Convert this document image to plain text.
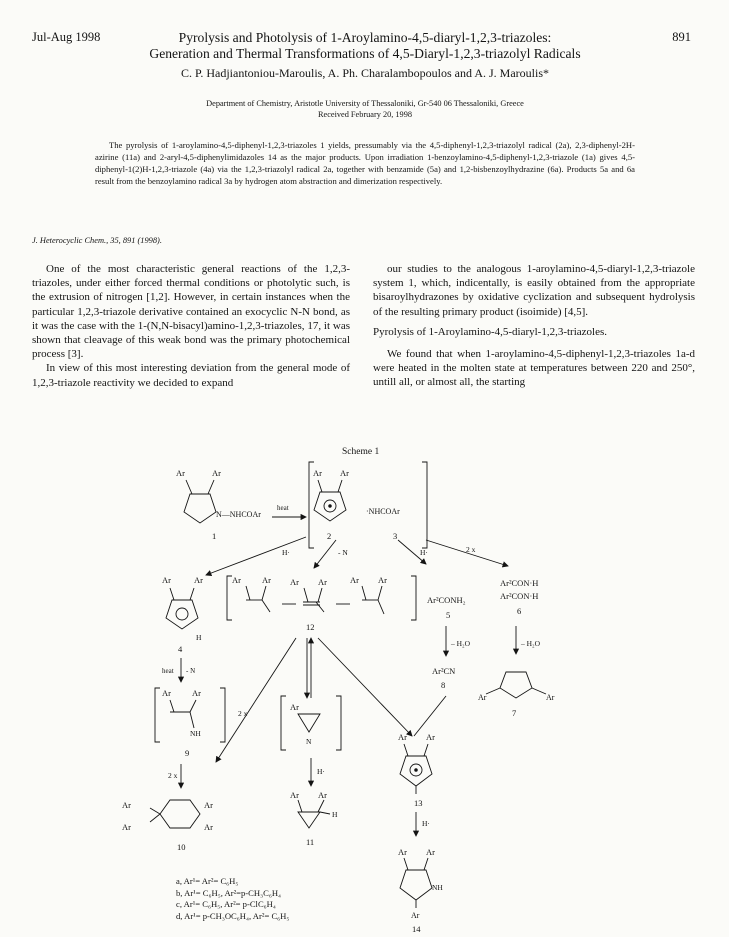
Jul-Aug 1998	891
Pyrolysis and Photolysis of 1-Aroylamino-4,5-diaryl-1,2,3-triazoles:
Generation and Thermal Transformations of 4,5-Diaryl-1,2,3-triazolyl Radicals
C. P. Hadjiantoniou-Maroulis, A. Ph. Charalambopoulos and A. J. Maroulis*
Department of Chemistry, Aristotle University of Thessaloniki, Gr-540 06 Thessaloniki, Greece
Received February 20, 1998
The pyrolysis of 1-aroylamino-4,5-diphenyl-1,2,3-triazoles 1 yields, pressumably via the 4,5-diphenyl-1,2,3-triazolyl radical (2a), 2,3-diphenyl-2H-azirine (11a) and 2-aryl-4,5-diphenylimidazoles 14 as the major products. Upon irradiation 1-benzoylamino-4,5-diphenyl-1,2,3-triazole (1a) gives 4,5-diphenyl-1(2)H-1,2,3-triazole (4a) via the 1,2,3-triazolyl radical 2a, together with benzamide (5a) and 1,2-bisbenzoylhydrazine (6a). Products 5a and 6a result from the benzoylamino radical 3a by hydrogen atom abstraction and dimerization respectively.
J. Heterocyclic Chem., 35, 891 (1998).

One of the most characteristic general reactions of the 1,2,3-triazoles, under either forced thermal conditions or photolytic such, is the extrusion of nitrogen [1,2]. However, in certain instances when the particular 1,2,3-triazole derivative contained an exocyclic N-N bond, as it was the case with the 1-(N,N-bisacyl)amino-1,2,3-triazoles, 17, it was shown that cleavage of this weak bond was the primary photochemical process [3].

In view of this most interesting deviation from the general mode of 1,2,3-triazole reactivity we decided to expand

our studies to the analogous 1-aroylamino-4,5-diaryl-1,2,3-triazole system 1, which, indicentally, is easily obtained from the appropriate bisaroylhydrazones by oxidative cyclization and subsequent hydrolysis of the resulting primary product (isoimide) [4,5].

Pyrolysis of 1-Aroylamino-4,5-diaryl-1,2,3-triazoles.

We found that when 1-aroylamino-4,5-diphenyl-1,2,3-triazoles 1a-d were heated in the molten state at temperatures between 220 and 250°, untill all, or almost all, the starting

Scheme 1
Ar	Ar
N—NHCOAr
1
heat
Ar Ar
·NHCOAr
2	3
H·	- N	H·	2 x
Ar	Ar
H
4
Ar Ar Ar Ar	Ar Ar
12
Ar²CONH₂
5
Ar²CON·H
Ar²CON·H
6
– H₂O	– H₂O
heat - N	Ar²CN
8
Ar	Ar
7
Ar Ar
NH
9
2 x
2 x	H·
H·
Ar
N
Ar
Ar
Ar
Ar
10
Ar Ar
H
11
Ar Ar
13
Ar Ar
NH
Ar
14
a, Ar¹= Ar²= C₆H₅
b, Ar¹= C₆H₅, Ar²=p-CH₃C₆H₄
c, Ar¹= C₆H₅, Ar²= p-ClC₆H₄
d, Ar¹= p-CH₃OC₆H₄, Ar²= C₆H₅
